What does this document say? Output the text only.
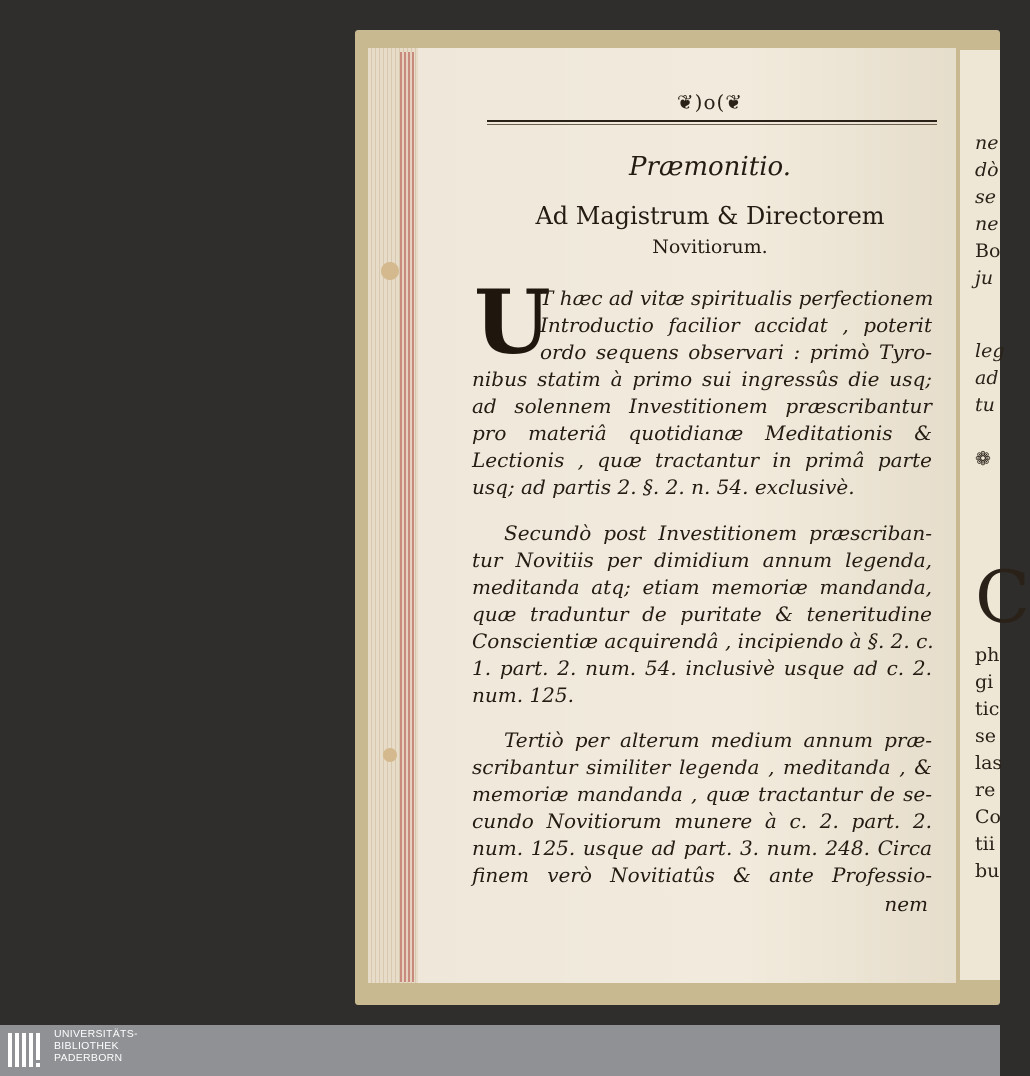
ne
dò
se
ne
Bo
ju
leg
ad
tu
❁
C
ph
gi
tic
se
las
re
Co
tii
bu
❦)o(❦
Præmonitio.
Ad Magistrum & Directorem
Novitiorum.
U
T hæc ad vitæ spiritualis perfectionem
Introductio facilior accidat , poterit
ordo sequens observari : primò Tyro-
nibus statim à primo sui ingressûs die usq;
ad solennem Investitionem præscribantur
pro materiâ quotidianæ Meditationis &
Lectionis , quæ tractantur in primâ parte
usq; ad partis 2. §. 2. n. 54. exclusivè.
Secundò post Investitionem præscriban-
tur Novitiis per dimidium annum legenda,
meditanda atq; etiam memoriæ mandanda,
quæ traduntur de puritate & teneritudine
Conscientiæ acquirendâ , incipiendo à §. 2. c.
1. part. 2. num. 54. inclusivè usque ad c. 2.
num. 125.
Tertiò per alterum medium annum præ-
scribantur similiter legenda , meditanda , &
memoriæ mandanda , quæ tractantur de se-
cundo Novitiorum munere à c. 2. part. 2.
num. 125. usque ad part. 3. num. 248. Circa
finem verò Novitiatûs & ante Professio-
nem
UNIVERSITÄTS-
BIBLIOTHEK
PADERBORN
